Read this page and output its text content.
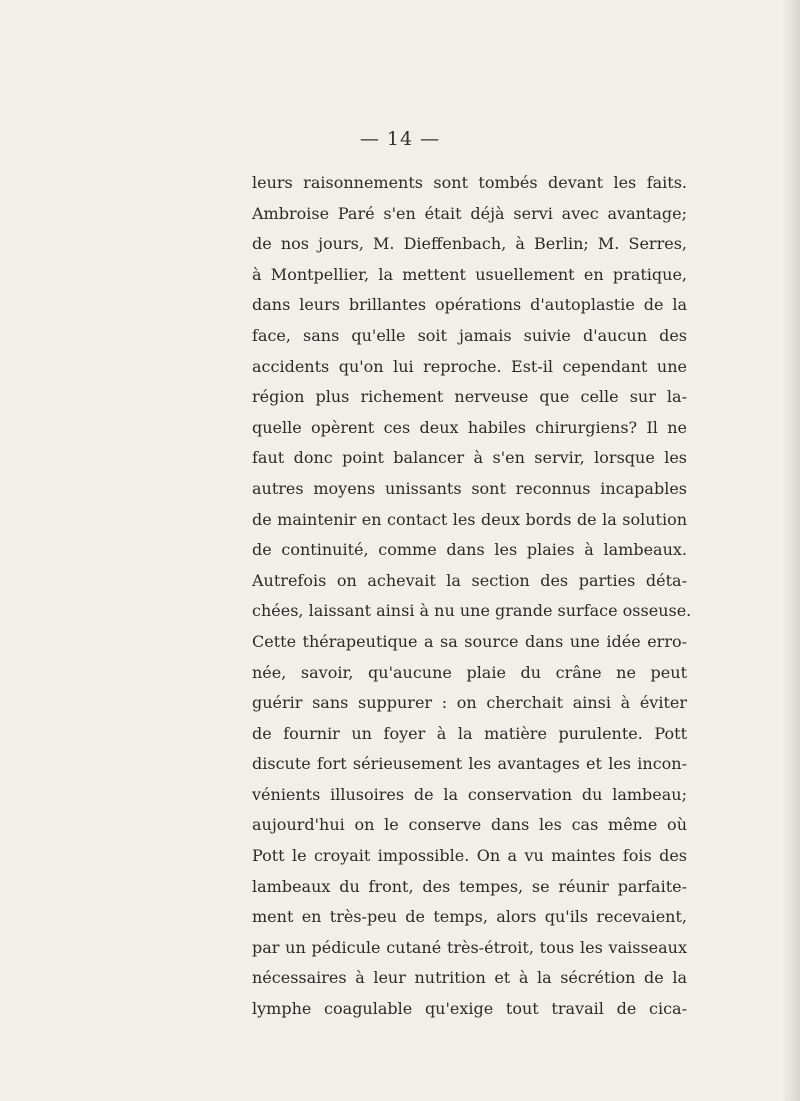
— 14 —
leurs raisonnements sont tombés devant les faits.
Ambroise Paré s'en était déjà servi avec avantage;
de nos jours, M. Dieffenbach, à Berlin; M. Serres,
à Montpellier, la mettent usuellement en pratique,
dans leurs brillantes opérations d'autoplastie de la
face, sans qu'elle soit jamais suivie d'aucun des
accidents qu'on lui reproche. Est-il cependant une
région plus richement nerveuse que celle sur la-
quelle opèrent ces deux habiles chirurgiens? Il ne
faut donc point balancer à s'en servir, lorsque les
autres moyens unissants sont reconnus incapables
de maintenir en contact les deux bords de la solution
de continuité, comme dans les plaies à lambeaux.
Autrefois on achevait la section des parties déta-
chées, laissant ainsi à nu une grande surface osseuse.
Cette thérapeutique a sa source dans une idée erro-
née, savoir, qu'aucune plaie du crâne ne peut
guérir sans suppurer : on cherchait ainsi à éviter
de fournir un foyer à la matière purulente. Pott
discute fort sérieusement les avantages et les incon-
vénients illusoires de la conservation du lambeau;
aujourd'hui on le conserve dans les cas même où
Pott le croyait impossible. On a vu maintes fois des
lambeaux du front, des tempes, se réunir parfaite-
ment en très-peu de temps, alors qu'ils recevaient,
par un pédicule cutané très-étroit, tous les vaisseaux
nécessaires à leur nutrition et à la sécrétion de la
lymphe coagulable qu'exige tout travail de cica-
